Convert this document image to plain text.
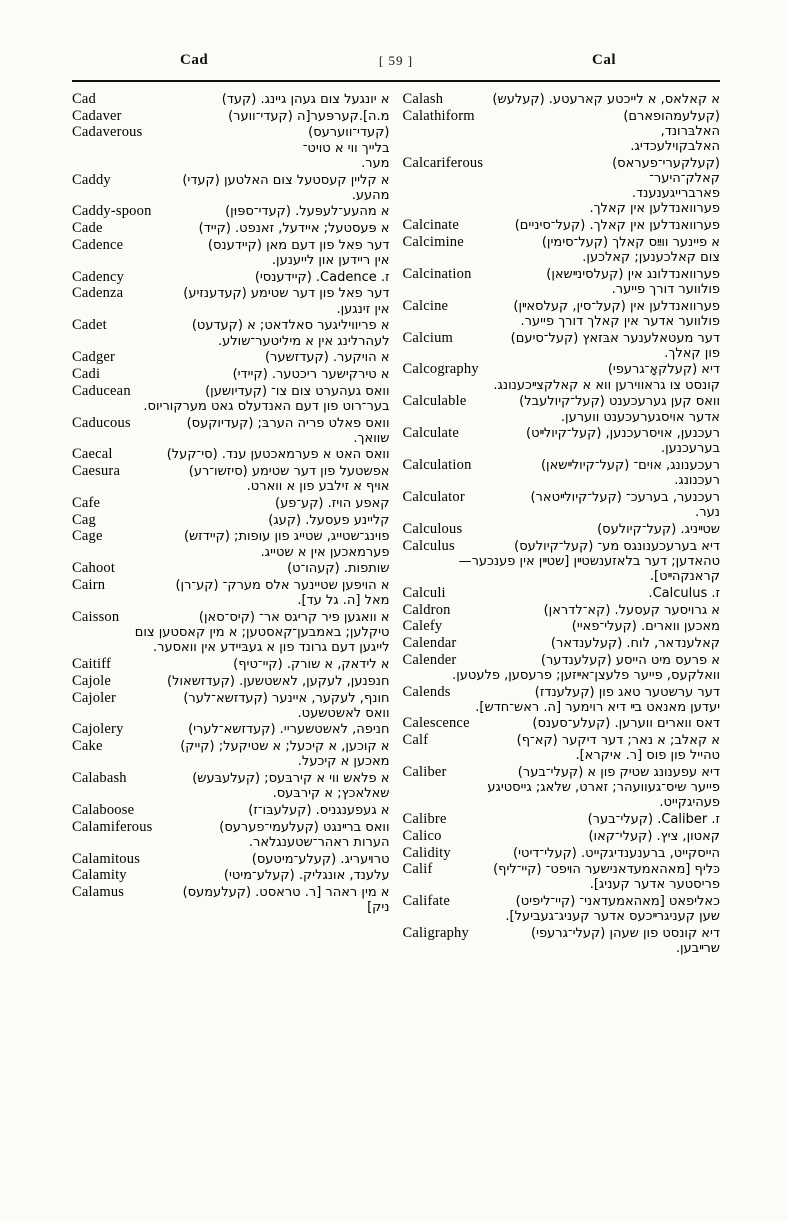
Cad	[ 59 ]	Cal
Cad	א יונגעל צום געהן גיינג. (קעד)
Cadaver	מ.ה].קערפּער[ה (קעדי־ווער)
Cadaverous	(קעדי־ווערעס)
בלייך ווי א טויט־
מער.
Caddy	א קליין קעסטעל צום האלטען (קעדי)
מהעע.
Caddy-spoon	א מהעע־לעפּעל. (קעדי־ספּוּן)
Cade	א פּעסטעל; איידעל, זאנפט. (קייד)
Cadence	דער פאל פון דעם מאן (קיידענס)
אין ריידען און לייענען.
Cadency	ז. Cadence. (קיידענסי)
Cadenza	דער פאל פון דער שטימע (קעדענזיע)
אין זינגען.
Cadet	א פריוויליגער סאלדאט; א (קעדעט)
לעהרלינג אין א מיליטער־שולע.
Cadger	א הויקער. (קעדזשער)
Cadi	א טירקישער ריכטער. (קיידי)
Caducean	וואס געהערט צום צו־ (קעדיושען)
בער־רוט פון דעם האנדעלס גאט מערקוריוס.
Caducous	וואס פאלט פריה הערבּ; (קעדיוקעס)
שוואך.
Caecal	וואס האט א פערמאכטען ענד. (סי־קעל)
Caesura	אפשטעל פון דער שטימע (סיזשו־רע)
אויף א זילבע פון א ווארט.
Cafe	קאפע הויז. (קע־פע)
Cag	קליינע פעסעל. (קעג)
Cage	פוינג־שטייג, שטייג פון עופות; (קיידזש)
פערמאכען אין א שטייג.
Cahoot	שותפות. (קעהו־ט)
Cairn	א הויפען שטיינער אלס מערק־ (קע־רן)
מאל [ה. גל עד].
Caisson	א וואגען פיר קריגס אר־ (קיס־סאן)
טיקלען; באמבען־קאסטען; א מין קאסטען צום
לייגען דעם גרונד פון א געבּיידע אין וואסער.
Caitiff	א לידאק, א שורק. (קיי־טיף)
Cajole	חנפנען, לעקען, לאשטשען. (קעדזשאול)
Cajoler	חונף, לעקער, איינער (קעדזשא־לער)
וואס לאשטשעט.
Cajolery	חניפה, לאשטשעריי. (קעדזשא־לערי)
Cake	א קוכען, א קיכעל; א שטיקעל; (קייק)
מאכען א קיכעל.
Calabash	א פלאש ווי א קירבּעס; (קעלעבּעש)
שאלאכץ; א קירבּעס.
Calaboose	א געפענגניס. (קעלעבּו־ז)
Calamiferous	וואס ברײנגט (קעלעמי־פערעס)
הערות ראהר־שטענגלאר.
Calamitous	טרױעריג. (קעלע־מיטעס)
Calamity	עלענד, אונגליק. (קעלע־מיטי)
Calamus	א מין ראהר [ר. טראסט. (קעלעמעס)
ניק]
Calash	א קאלאס, א לייכטע קארעטע. (קעלעש)
Calathiform	(קעלעמהופארם)
האלבּרונד,
האלבקוילעכדיג.
Calcariferous	(קעלקערי־פעראס)
קאלק־היער־
פארברייגענענד.
פערוואנדלען אין קאלך.
Calcinate	פערוואנדלען אין קאלך. (קעל־סיניים)
Calcimine	א פיינער ווײַס קאלך (קעל־סימין)
צום קאלכענען; קאלכען.
Calcination	פערוואנדלונג אין (קעלסינײשאן)
פולווער דורך פייער.
Calcine	פערוואנדלען אין (קעל־סין, קעלסאײן)
פולווער אדער אין קאלך דורך פייער.
Calcium	דער מעטאלענער אבּזאץ (קעל־סיעם)
פון קאלך.
Calcography	דיא (קעלקאָ־גרעפי)
קונסט צו גראווירען ווא א קאלקצײכענונג.
Calculable	וואס קען גערעכענט (קעל־קיולעבל)
אדער אויסגערעכענט ווערען.
Calculate	רעכנען, אויסרעכנען, (קעל־קיולײט)
בערעכנען.
Calculation	רעכענונג, אוים־ (קעל־קיולײשאן)
רעכנונג.
Calculator	רעכנער, בערעכ־ (קעל־קיולײטאר)
נער.
Calculous	שטײניג. (קעל־קיולעס)
Calculus	דיא בערעכענונגס מע־ (קעל־קיולעס)
טהאדען; דער בלאזענשטײן [שטײן אין פענכער—
קראנקהײט].
Calculi	ז. Calculus.
Caldron	א גרויסער קעסעל. (קא־לדראן)
Calefy	מאכען ווארים. (קעלי־פאיי)
Calendar	קאלענדאר, לוח. (קעלענדאר)
Calender	א פרעס מיט הייסע (קעלענדער)
וואלקעס, פייער פלעצן־אײזען; פרעסען, פלעטען.
Calends	דער ערשטער טאג פון (קעלענדז)
יעדען מאנאט בײ דיא רוימער [ה. ראש־חדש].
Calescence	דאס ווארים ווערען. (קעלע־סענס)
Calf	א קאלב; א נאר; דער דיקער (קא־ף)
טהייל פון פוס [ר. איקרא].
Caliber	דיא עפענונג שטיק פון א (קעלי־בער)
פייער שיס־געוועהר; זארט, שלאג; גייסטיגע
פעהיגקייט.
Calibre	ז. Caliber. (קעלי־בער)
Calico	קאטון, ציץ. (קעלי־קאו)
Calidity	הייסקייט, ברענענדיגקייט. (קעלי־דיטי)
Calif	כּליף [מאהאמעדאנישער הױפט־ (קיי־ליף)
פריסטער אדער קעניג].
Califate	כאליפאט [מאהאמעדאני־ (קיי־ליפיט)
שען קעניגרײכעס אדער קעניג־געביעל].
Caligraphy	דיא קונסט פון שעהן (קעלי־גרעפי)
שרײבען.
